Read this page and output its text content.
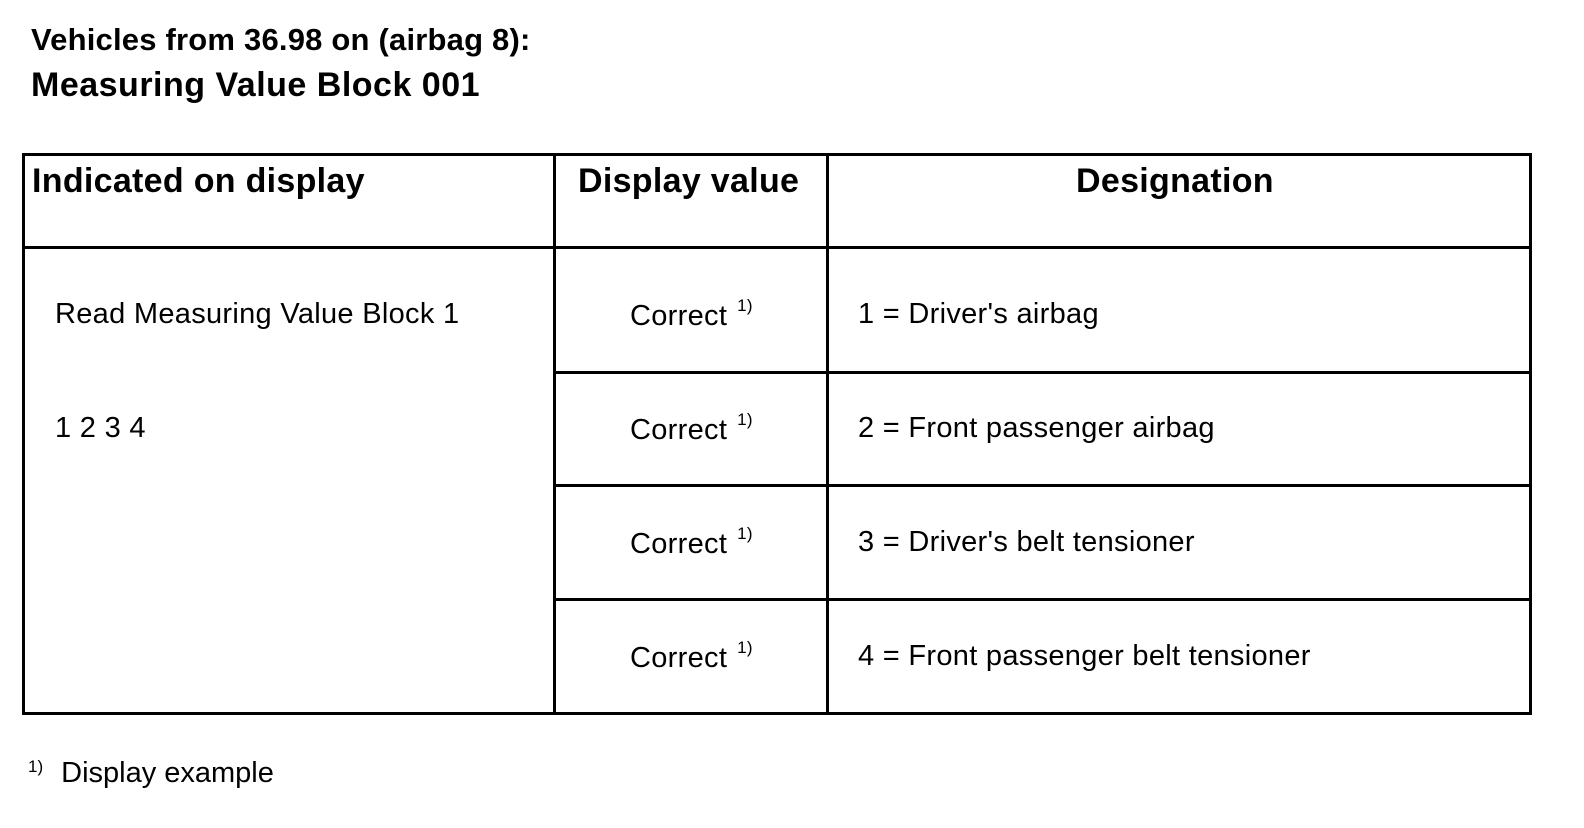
Vehicles from 36.98 on (airbag 8):
Measuring Value Block 001
Indicated on display	Display value	Designation
Read Measuring Value Block 1
1 2 3 4
Correct $^{1)}$	1 = Driver's airbag
Correct $^{1)}$	2 = Front passenger airbag
Correct $^{1)}$	3 = Driver's belt tensioner
Correct $^{1)}$	4 = Front passenger belt tensioner
$^{1)}$ Display example
